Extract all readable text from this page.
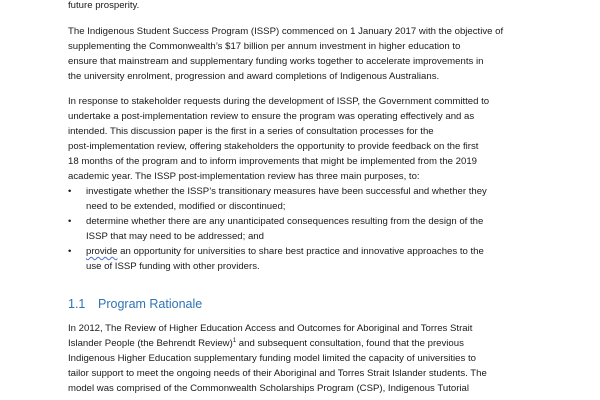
future prosperity.
The Indigenous Student Success Program (ISSP) commenced on 1 January 2017 with the objective of
supplementing the Commonwealth’s $17 billion per annum investment in higher education to
ensure that mainstream and supplementary funding works together to accelerate improvements in
the university enrolment, progression and award completions of Indigenous Australians.
In response to stakeholder requests during the development of ISSP, the Government committed to
undertake a post-implementation review to ensure the program was operating effectively and as
intended. This discussion paper is the first in a series of consultation processes for the
post-implementation review, offering stakeholders the opportunity to provide feedback on the first
18 months of the program and to inform improvements that might be implemented from the 2019
academic year. The ISSP post-implementation review has three main purposes, to:
•	investigate whether the ISSP’s transitionary measures have been successful and whether they
need to be extended, modified or discontinued;
•	determine whether there are any unanticipated consequences resulting from the design of the
ISSP that may need to be addressed; and
•	provide an opportunity for universities to share best practice and innovative approaches to the
use of ISSP funding with other providers.
1.1 Program Rationale
In 2012, The Review of Higher Education Access and Outcomes for Aboriginal and Torres Strait
Islander People (the Behrendt Review)$^1$ and subsequent consultation, found that the previous
Indigenous Higher Education supplementary funding model limited the capacity of universities to
tailor support to meet the ongoing needs of their Aboriginal and Torres Strait Islander students. The
model was comprised of the Commonwealth Scholarships Program (CSP), Indigenous Tutorial
